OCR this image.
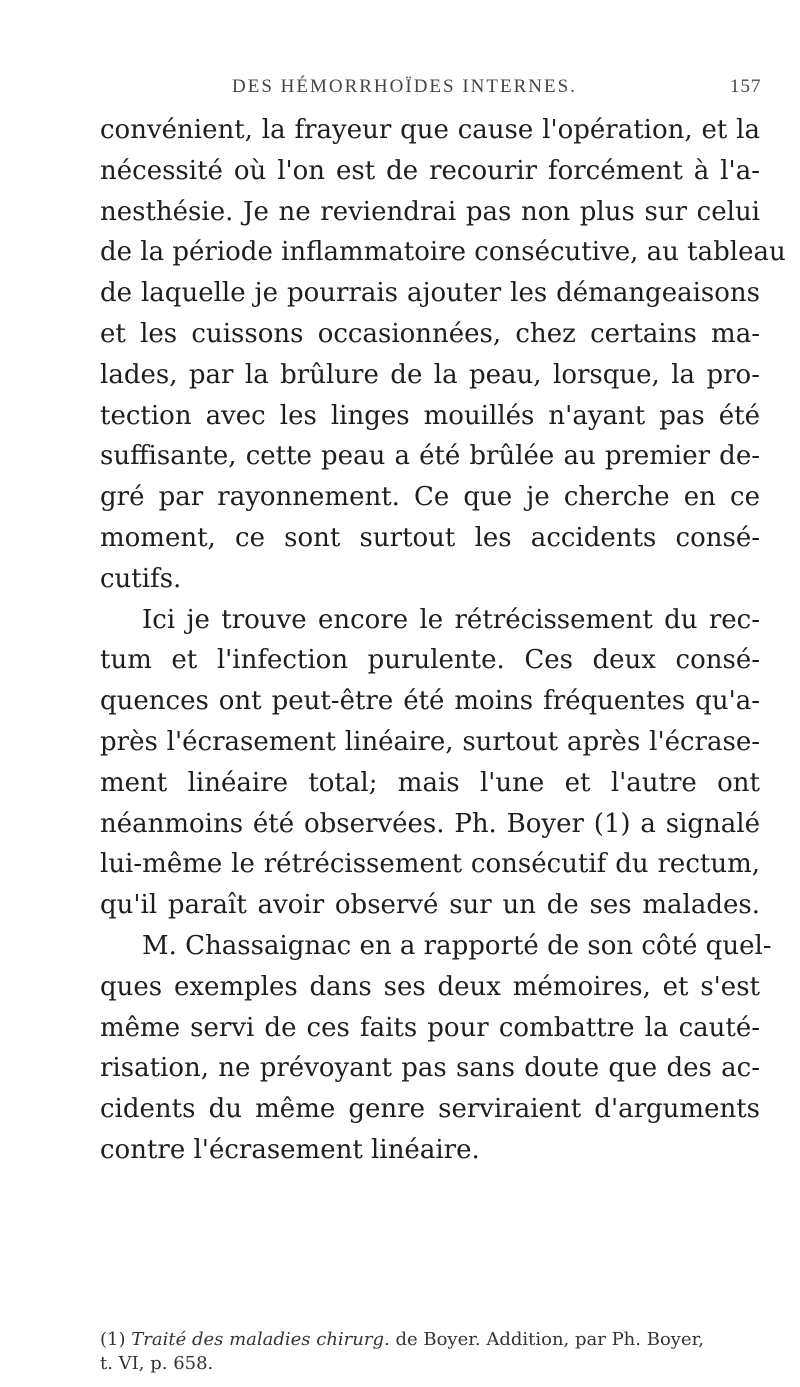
DES HÉMORRHOÏDES INTERNES.	157
convénient, la frayeur que cause l'opération, et la
nécessité où l'on est de recourir forcément à l'a-
nesthésie. Je ne reviendrai pas non plus sur celui
de la période inflammatoire consécutive, au tableau
de laquelle je pourrais ajouter les démangeaisons
et les cuissons occasionnées, chez certains ma-
lades, par la brûlure de la peau, lorsque, la pro-
tection avec les linges mouillés n'ayant pas été
suffisante, cette peau a été brûlée au premier de-
gré par rayonnement. Ce que je cherche en ce
moment, ce sont surtout les accidents consé-
cutifs.
Ici je trouve encore le rétrécissement du rec-
tum et l'infection purulente. Ces deux consé-
quences ont peut-être été moins fréquentes qu'a-
près l'écrasement linéaire, surtout après l'écrase-
ment linéaire total; mais l'une et l'autre ont
néanmoins été observées. Ph. Boyer (1) a signalé
lui-même le rétrécissement consécutif du rectum,
qu'il paraît avoir observé sur un de ses malades.
M. Chassaignac en a rapporté de son côté quel-
ques exemples dans ses deux mémoires, et s'est
même servi de ces faits pour combattre la cauté-
risation, ne prévoyant pas sans doute que des ac-
cidents du même genre serviraient d'arguments
contre l'écrasement linéaire.
(1) Traité des maladies chirurg. de Boyer. Addition, par Ph. Boyer,
t. VI, p. 658.
